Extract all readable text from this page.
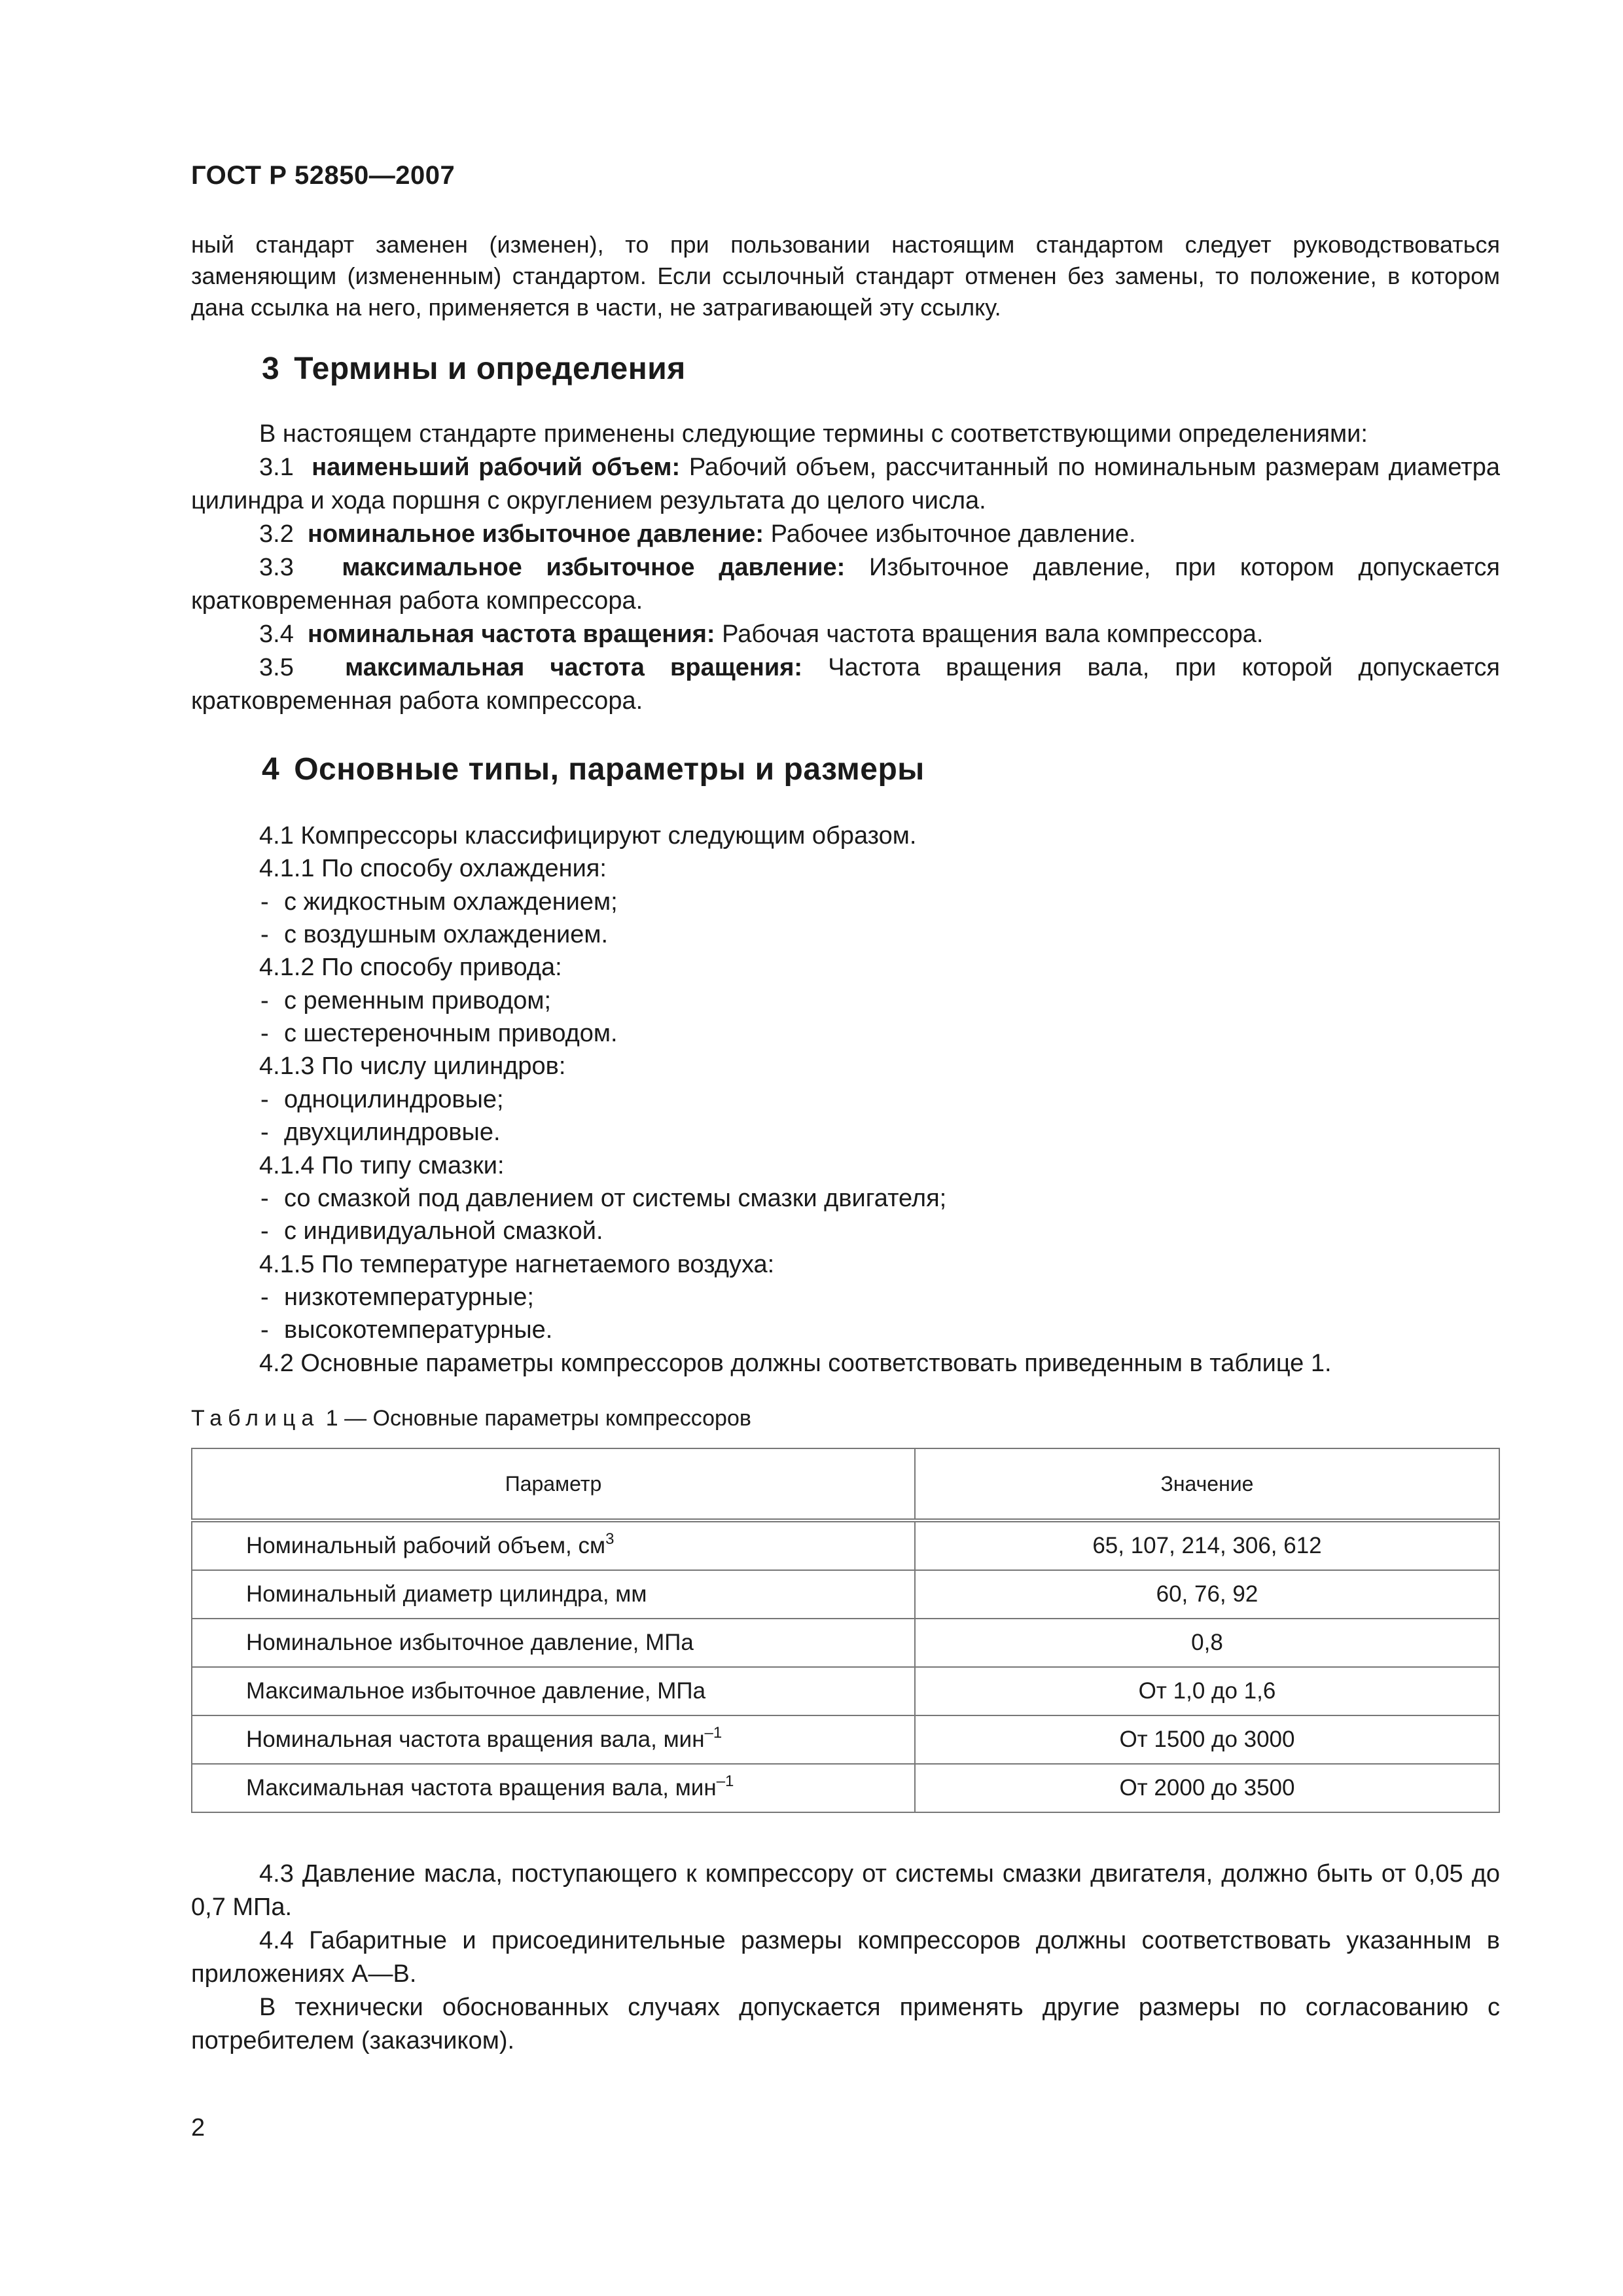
ГОСТ Р 52850—2007
ный стандарт заменен (изменен), то при пользовании настоящим стандартом следует руководствоваться заменяющим (измененным) стандартом. Если ссылочный стандарт отменен без замены, то положение, в котором дана ссылка на него, применяется в части, не затрагивающей эту ссылку.
3 Термины и определения
В настоящем стандарте применены следующие термины с соответствующими определениями:
3.1 наименьший рабочий объем: Рабочий объем, рассчитанный по номинальным размерам диаметра цилиндра и хода поршня с округлением результата до целого числа.
3.2 номинальное избыточное давление: Рабочее избыточное давление.
3.3 максимальное избыточное давление: Избыточное давление, при котором допускается кратковременная работа компрессора.
3.4 номинальная частота вращения: Рабочая частота вращения вала компрессора.
3.5 максимальная частота вращения: Частота вращения вала, при которой допускается кратковременная работа компрессора.
4 Основные типы, параметры и размеры
4.1 Компрессоры классифицируют следующим образом.
4.1.1 По способу охлаждения:
- с жидкостным охлаждением;
- с воздушным охлаждением.
4.1.2 По способу привода:
- с ременным приводом;
- с шестереночным приводом.
4.1.3 По числу цилиндров:
- одноцилиндровые;
- двухцилиндровые.
4.1.4 По типу смазки:
- со смазкой под давлением от системы смазки двигателя;
- с индивидуальной смазкой.
4.1.5 По температуре нагнетаемого воздуха:
- низкотемпературные;
- высокотемпературные.
4.2 Основные параметры компрессоров должны соответствовать приведенным в таблице 1.
Таблица 1 — Основные параметры компрессоров
Параметр	Значение
Номинальный рабочий объем, $см^3$	65, 107, 214, 306, 612
Номинальный диаметр цилиндра, мм	60, 76, 92
Номинальное избыточное давление, МПа	0,8
Максимальное избыточное давление, МПа	От 1,0 до 1,6
Номинальная частота вращения вала, мин$^{-1}$	От 1500 до 3000
Максимальная частота вращения вала, мин$^{-1}$	От 2000 до 3500
4.3 Давление масла, поступающего к компрессору от системы смазки двигателя, должно быть от 0,05 до 0,7 МПа.
4.4 Габаритные и присоединительные размеры компрессоров должны соответствовать указанным в приложениях А—В.
В технически обоснованных случаях допускается применять другие размеры по согласованию с потребителем (заказчиком).
2
